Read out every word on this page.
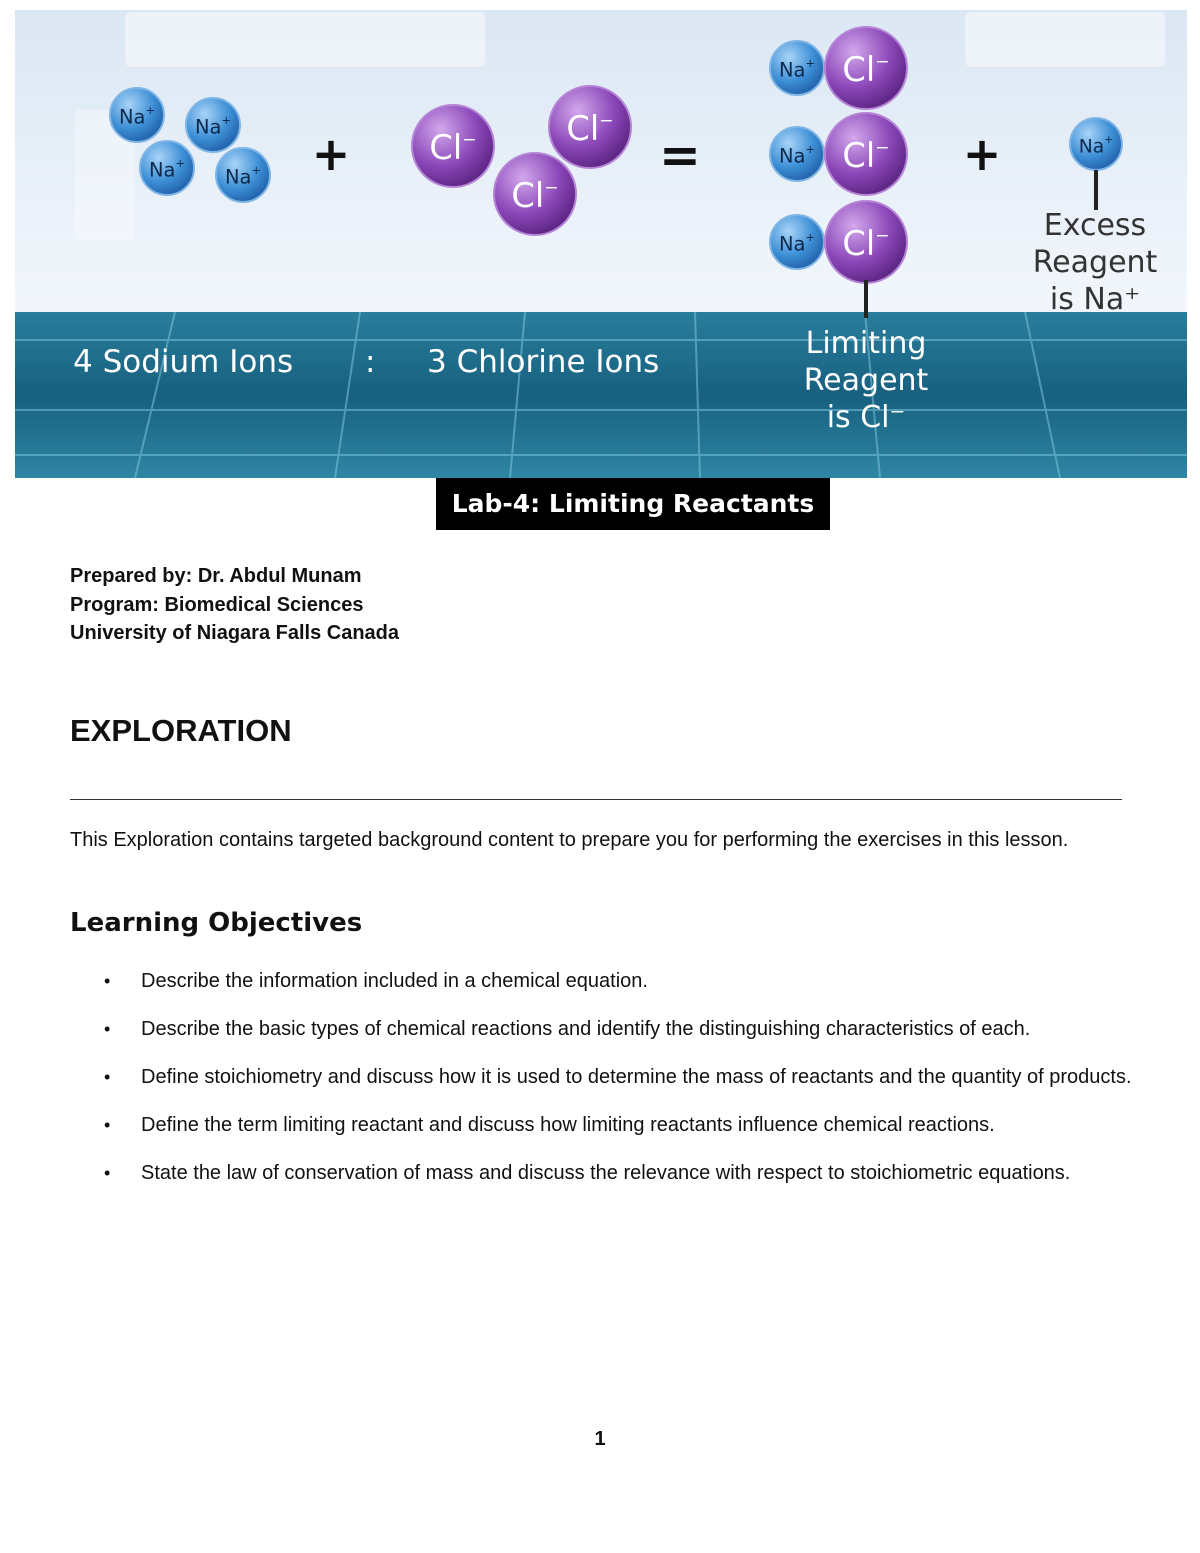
Na+
Na+
Na+
Na+
Cl−	Cl−
Cl−
Na+ Cl−
Na+ Cl−
Na+ Cl−
Na+
+	=	+
4 Sodium Ions : 3 Chlorine Ions
Limiting
Reagent
is Cl⁻
Excess
Reagent
is Na⁺
Lab-4: Limiting Reactants
Prepared by: Dr. Abdul Munam
Program: Biomedical Sciences
University of Niagara Falls Canada
EXPLORATION

This Exploration contains targeted background content to prepare you for performing the exercises in this lesson.

Learning Objectives
• Describe the information included in a chemical equation.
• Describe the basic types of chemical reactions and identify the distinguishing characteristics of each.
• Define stoichiometry and discuss how it is used to determine the mass of reactants and the quantity of products.
• Define the term limiting reactant and discuss how limiting reactants influence chemical reactions.
• State the law of conservation of mass and discuss the relevance with respect to stoichiometric equations.
1
